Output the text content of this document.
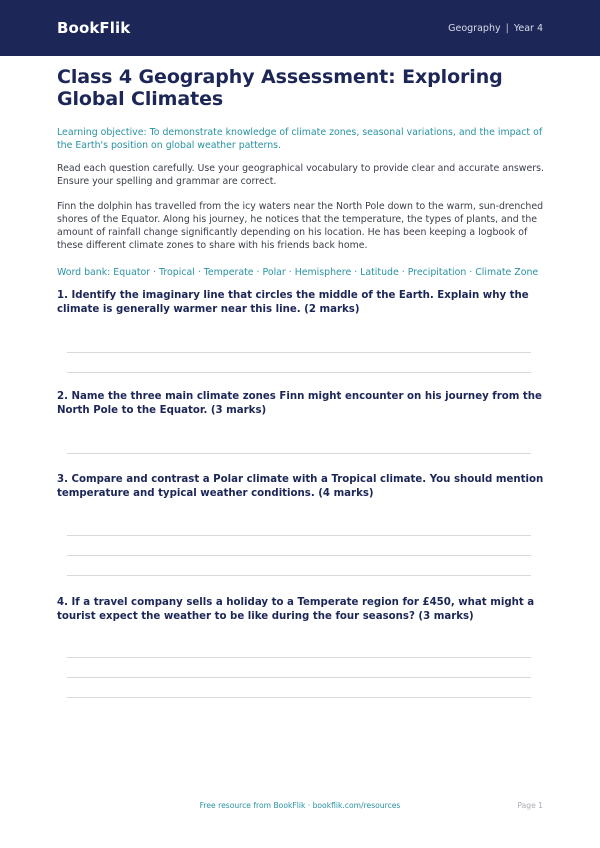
BookFlik	Geography | Year 4
Class 4 Geography Assessment: Exploring Global Climates

Learning objective: To demonstrate knowledge of climate zones, seasonal variations, and the impact of the Earth's position on global weather patterns.

Read each question carefully. Use your geographical vocabulary to provide clear and accurate answers. Ensure your spelling and grammar are correct.

Finn the dolphin has travelled from the icy waters near the North Pole down to the warm, sun-drenched shores of the Equator. Along his journey, he notices that the temperature, the types of plants, and the amount of rainfall change significantly depending on his location. He has been keeping a logbook of these different climate zones to share with his friends back home.

Word bank: Equator · Tropical · Temperate · Polar · Hemisphere · Latitude · Precipitation · Climate Zone

1. Identify the imaginary line that circles the middle of the Earth. Explain why the climate is generally warmer near this line. (2 marks)

2. Name the three main climate zones Finn might encounter on his journey from the North Pole to the Equator. (3 marks)

3. Compare and contrast a Polar climate with a Tropical climate. You should mention temperature and typical weather conditions. (4 marks)

4. If a travel company sells a holiday to a Temperate region for £450, what might a tourist expect the weather to be like during the four seasons? (3 marks)

Free resource from BookFlik · bookflik.com/resources	Page 1
